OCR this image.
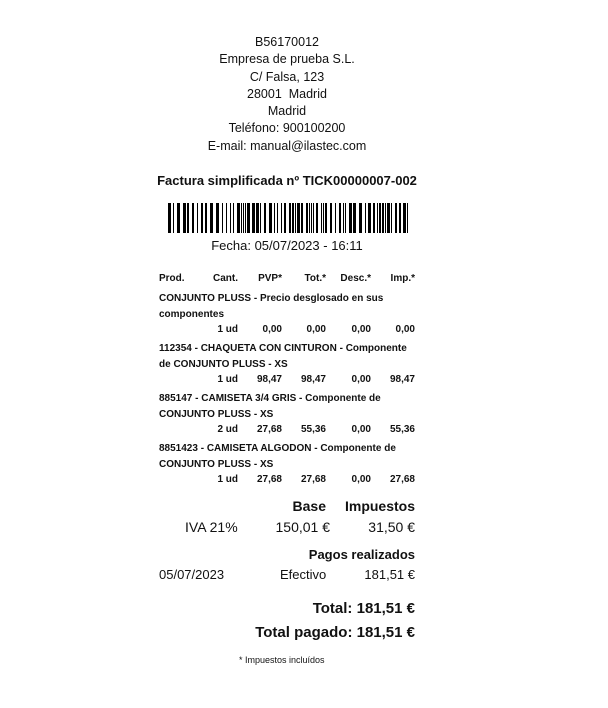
B56170012
Empresa de prueba S.L.
C/ Falsa, 123
28001  Madrid
Madrid
Teléfono: 900100200
E-mail: manual@ilastec.com
Factura simplificada nº TICK00000007-002
Fecha: 05/07/2023 - 16:11
Prod.	Cant.	PVP*	Tot.*	Desc.*	Imp.*
CONJUNTO PLUSS - Precio desglosado en sus componentes
1 ud	0,00	0,00	0,00	0,00
112354 - CHAQUETA CON CINTURON - Componente de CONJUNTO PLUSS - XS
1 ud	98,47	98,47	0,00	98,47
885147 - CAMISETA 3/4 GRIS - Componente de CONJUNTO PLUSS - XS
2 ud	27,68	55,36	0,00	55,36
8851423 - CAMISETA ALGODON - Componente de CONJUNTO PLUSS - XS
1 ud	27,68	27,68	0,00	27,68
Base	Impuestos
IVA 21%	150,01 €	31,50 €
Pagos realizados
05/07/2023	Efectivo	181,51 €
Total: 181,51 €
Total pagado: 181,51 €
* Impuestos incluídos
